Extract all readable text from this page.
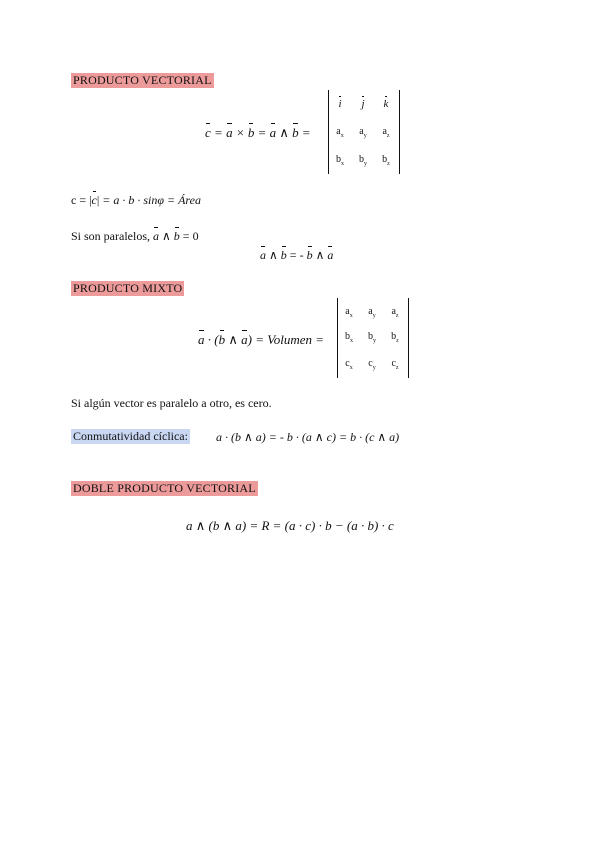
PRODUCTO VECTORIAL
c = a × b = a ∧ b =
i	j	k
$a_x$	$a_y$	$a_z$
$b_x$	$b_y$	$b_z$
c = |c| = a · b · sinφ = Área
Si son paralelos, a ∧ b = 0
a ∧ b = - b ∧ a
PRODUCTO MIXTO
a · (b ∧ a) = Volumen =
$a_x$	$a_y$	$a_z$
$b_x$	$b_y$	$b_z$
$c_x$	$c_y$	$c_z$
Si algún vector es paralelo a otro, es cero.
Conmutatividad cíclica: a · (b ∧ a) = - b · (a ∧ c) = b · (c ∧ a)
DOBLE PRODUCTO VECTORIAL
a ∧ (b ∧ a) = R = (a · c) · b − (a · b) · c
